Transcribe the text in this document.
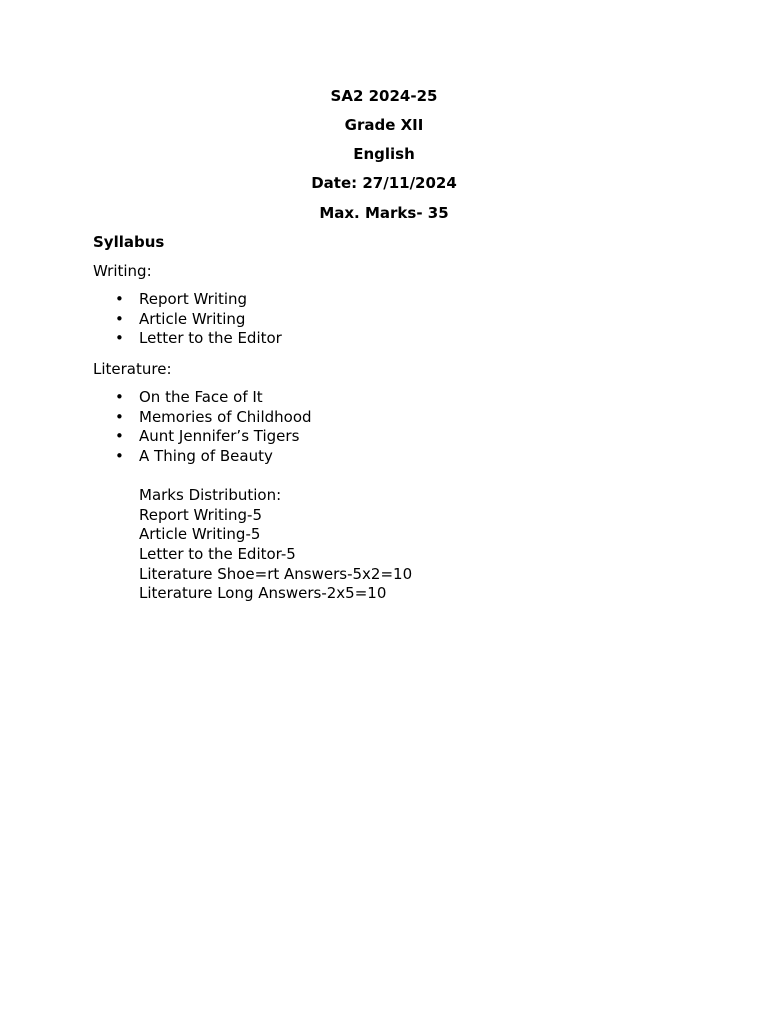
SA2 2024-25

Grade XII

English

Date: 27/11/2024

Max. Marks- 35

Syllabus

Writing:

• Report Writing
• Article Writing
• Letter to the Editor

Literature:

• On the Face of It
• Memories of Childhood
• Aunt Jennifer’s Tigers
• A Thing of Beauty
Marks Distribution:
Report Writing-5
Article Writing-5
Letter to the Editor-5
Literature Shoe=rt Answers-5x2=10
Literature Long Answers-2x5=10
